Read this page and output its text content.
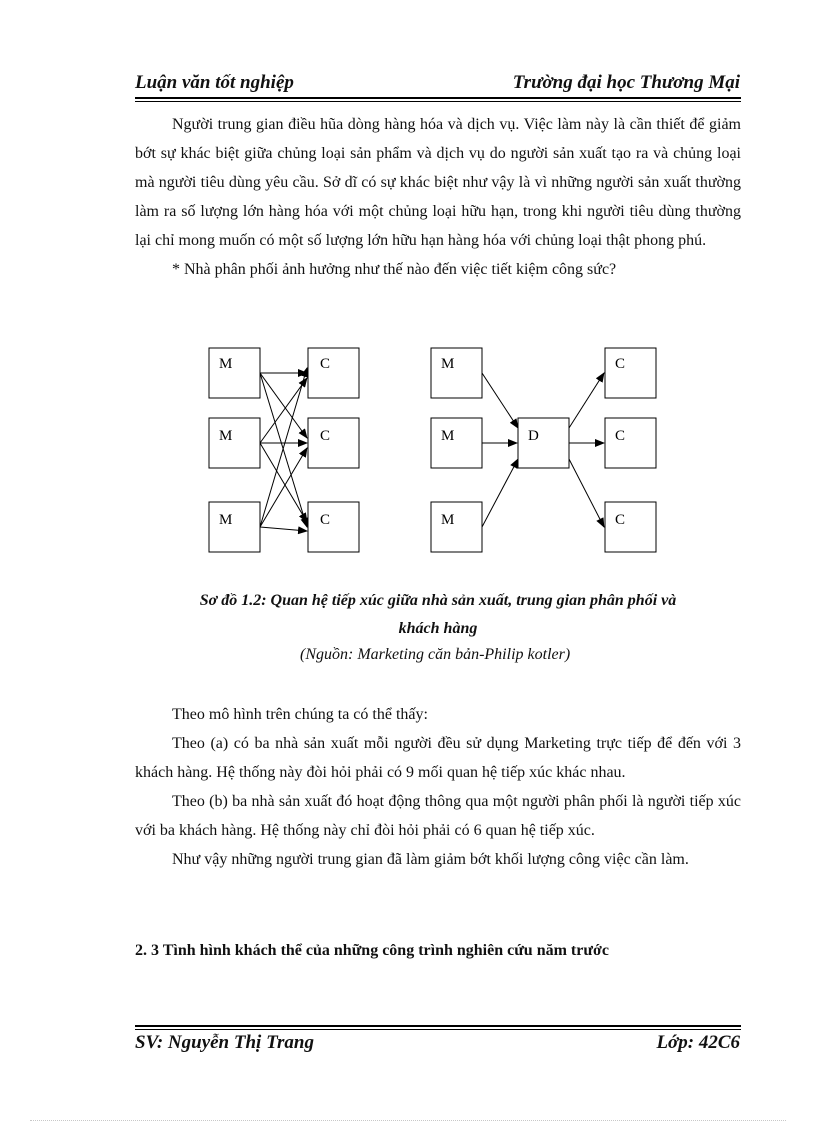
Luận văn tốt nghiệp	Trường đại học Thương Mại

Người trung gian điều hũa dòng hàng hóa và dịch vụ. Việc làm này là cần thiết để giảm bớt sự khác biệt giữa chủng loại sản phẩm và dịch vụ do người sản xuất tạo ra và chủng loại mà người tiêu dùng yêu cầu. Sở dĩ có sự khác biệt như vậy là vì những người sản xuất thường làm ra số lượng lớn hàng hóa với một chủng loại hữu hạn, trong khi người tiêu dùng thường lại chỉ mong muốn có một số lượng lớn hữu hạn hàng hóa với chủng loại thật phong phú.

* Nhà phân phối ảnh hưởng như thế nào đến việc tiết kiệm công sức?

M
M
M
C
C
C
M
M
M
D
C
C
C
Sơ đồ 1.2: Quan hệ tiếp xúc giữa nhà sản xuất, trung gian phân phối và
khách hàng
(Nguồn: Marketing căn bản-Philip kotler)

Theo mô hình trên chúng ta có thể thấy:

Theo (a) có ba nhà sản xuất mỗi người đều sử dụng Marketing trực tiếp để đến với 3 khách hàng. Hệ thống này đòi hỏi phải có 9 mối quan hệ tiếp xúc khác nhau.

Theo (b) ba nhà sản xuất đó hoạt động thông qua một người phân phối là người tiếp xúc với ba khách hàng. Hệ thống này chỉ đòi hỏi phải có 6 quan hệ tiếp xúc.

Như vậy những người trung gian đã làm giảm bớt khối lượng công việc cần làm.

2. 3 Tình hình khách thể của những công trình nghiên cứu năm trước
SV: Nguyễn Thị Trang	Lớp: 42C6
